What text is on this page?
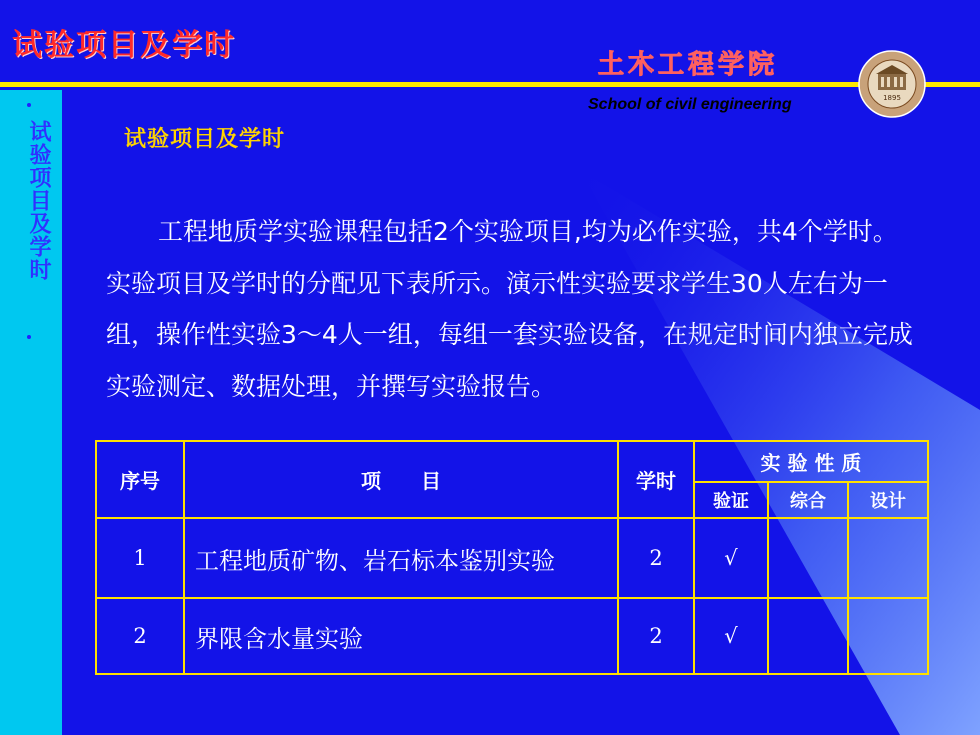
试验项目及学时
试验项目及学时
土木工程学院
School of civil engineering	1895
试验项目及学时
工程地质学实验课程包括2个实验项目,均为必作实验，共4个学时。实验项目及学时的分配见下表所示。演示性实验要求学生30人左右为一组，操作性实验3～4人一组，每组一套实验设备，在规定时间内独立完成实验测定、数据处理，并撰写实验报告。
序号	项　　目	学时	实 验 性 质		
			验证	综合	设计
1	工程地质矿物、岩石标本鉴别实验	2	√		
2	界限含水量实验	2	√		
